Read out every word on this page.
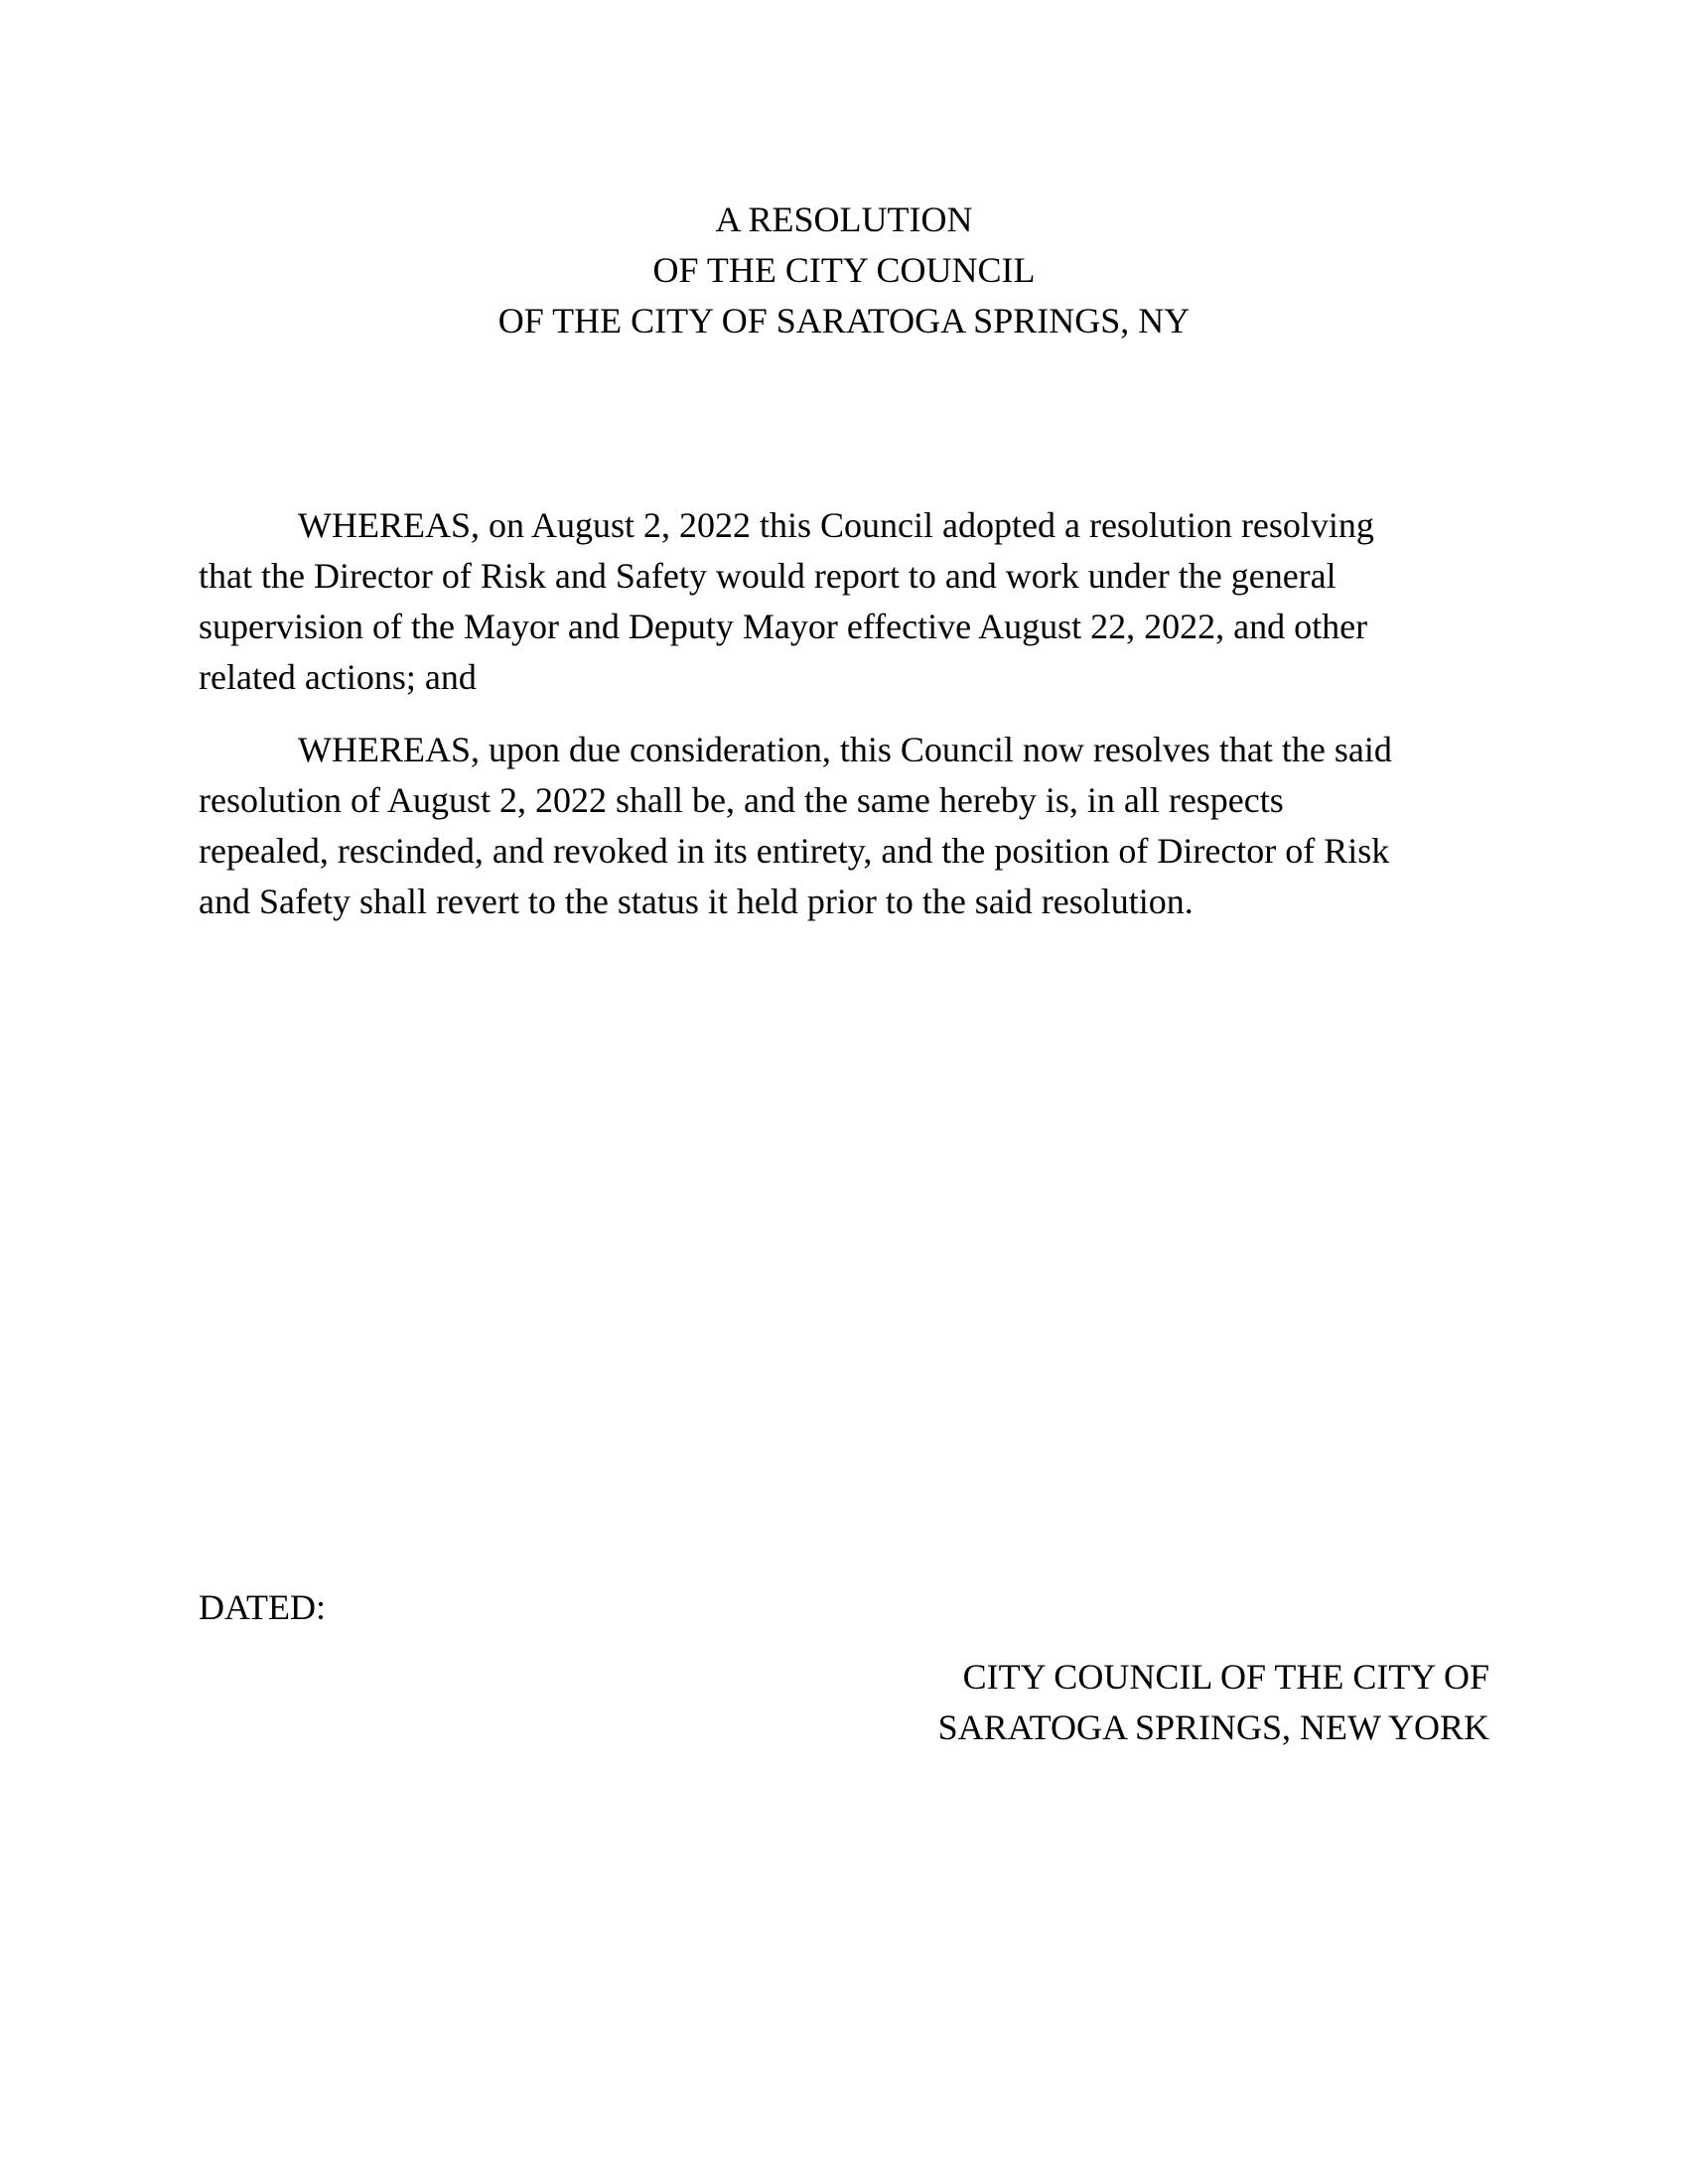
A RESOLUTION
OF THE CITY COUNCIL
OF THE CITY OF SARATOGA SPRINGS, NY

WHEREAS, on August 2, 2022 this Council adopted a resolution resolving
that the Director of Risk and Safety would report to and work under the general
supervision of the Mayor and Deputy Mayor effective August 22, 2022, and other
related actions; and

WHEREAS, upon due consideration, this Council now resolves that the said
resolution of August 2, 2022 shall be, and the same hereby is, in all respects
repealed, rescinded, and revoked in its entirety, and the position of Director of Risk
and Safety shall revert to the status it held prior to the said resolution.

DATED:
CITY COUNCIL OF THE CITY OF
SARATOGA SPRINGS, NEW YORK
